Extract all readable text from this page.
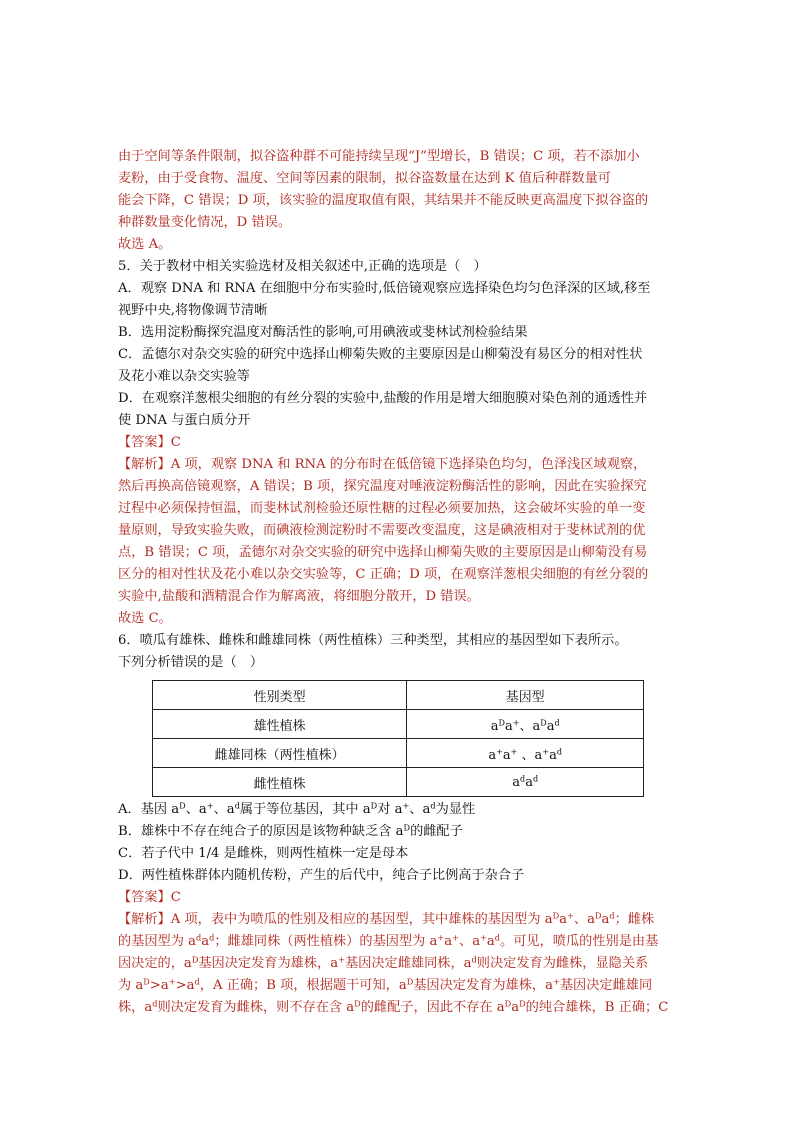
由于空间等条件限制，拟谷盗种群不可能持续呈现“J”型增长，B 错误；C 项，若不添加小
麦粉，由于受食物、温度、空间等因素的限制，拟谷盗数量在达到 K 值后种群数量可
能会下降，C 错误；D 项，该实验的温度取值有限，其结果并不能反映更高温度下拟谷盗的
种群数量变化情况，D 错误。
故选 A。
5．关于教材中相关实验选材及相关叙述中,正确的选项是（　）
A．观察 DNA 和 RNA 在细胞中分布实验时,低倍镜观察应选择染色均匀色泽深的区域,移至
视野中央,将物像调节清晰
B．选用淀粉酶探究温度对酶活性的影响,可用碘液或斐林试剂检验结果
C．孟德尔对杂交实验的研究中选择山柳菊失败的主要原因是山柳菊没有易区分的相对性状
及花小难以杂交实验等
D．在观察洋葱根尖细胞的有丝分裂的实验中,盐酸的作用是增大细胞膜对染色剂的通透性并
使 DNA 与蛋白质分开
【答案】C
【解析】A 项，观察 DNA 和 RNA 的分布时在低倍镜下选择染色均匀，色泽浅区域观察，
然后再换高倍镜观察，A 错误；B 项，探究温度对唾液淀粉酶活性的影响，因此在实验探究
过程中必须保持恒温，而斐林试剂检验还原性糖的过程必须要加热，这会破坏实验的单一变
量原则，导致实验失败，而碘液检测淀粉时不需要改变温度，这是碘液相对于斐林试剂的优
点，B 错误；C 项，孟德尔对杂交实验的研究中选择山柳菊失败的主要原因是山柳菊没有易
区分的相对性状及花小难以杂交实验等，C 正确；D 项，在观察洋葱根尖细胞的有丝分裂的
实验中,盐酸和酒精混合作为解离液，将细胞分散开，D 错误。
故选 C。
6．喷瓜有雄株、雌株和雌雄同株（两性植株）三种类型，其相应的基因型如下表所示。
下列分析错误的是（　）
性别类型	基因型
雄性植株	$a^Da^+$、$a^Da^d$
雌雄同株（两性植株）	a+a+ 、$a^+a^d$
雌性植株	$a^da^d$
A．基因 $a^D$、a+、$a^d$属于等位基因，其中 $a^D$对 a+、$a^d$为显性
B．雄株中不存在纯合子的原因是该物种缺乏含 $a^D$的雌配子
C．若子代中 1/4 是雌株，则两性植株一定是母本
D．两性植株群体内随机传粉，产生的后代中，纯合子比例高于杂合子
【答案】C
【解析】A 项，表中为喷瓜的性别及相应的基因型，其中雄株的基因型为 $a^Da^+$、$a^Da^d$；雌株
的基因型为 $a^da^d$；雌雄同株（两性植株）的基因型为 a+a+、$a^+a^d$。可见，喷瓜的性别是由基
因决定的，$a^D$基因决定发育为雄株，a+基因决定雌雄同株，$a^d$则决定发育为雌株，显隐关系
为 $a^D>a^+>a^d$，A 正确；B 项，根据题干可知，$a^D$基因决定发育为雄株，a+基因决定雌雄同
株，$a^d$则决定发育为雌株，则不存在含 $a^D$的雌配子，因此不存在 $a^Da^D$的纯合雄株，B 正确；C
